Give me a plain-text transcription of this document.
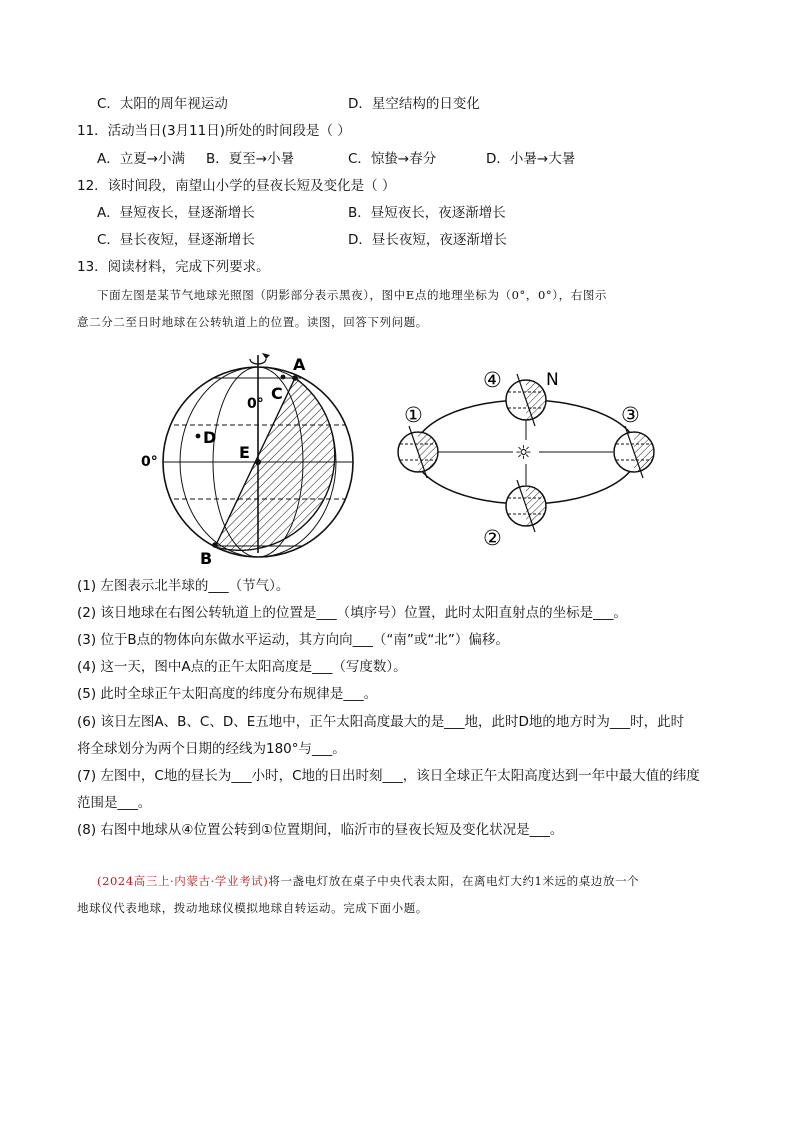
C．太阳的周年视运动	D．星空结构的日变化
11．活动当日(3月11日)所处的时间段是（ ）
A．立夏→小满 B．夏至→小暑	C．惊蛰→春分	D．小暑→大暑
12．该时间段，南望山小学的昼夜长短及变化是（ ）
A．昼短夜长，昼逐渐增长	B．昼短夜长，夜逐渐增长
C．昼长夜短，昼逐渐增长	D．昼长夜短，夜逐渐增长
13．阅读材料，完成下列要求。
下面左图是某节气地球光照图（阴影部分表示黑夜），图中E点的地理坐标为（0°，0°），右图示
意二分二至日时地球在公转轨道上的位置。读图，回答下列问题。
A
C
B
D
E
0°
0°	☼
①
②
③
④	N
(1) 左图表示北半球的___（节气）。
(2) 该日地球在右图公转轨道上的位置是___（填序号）位置，此时太阳直射点的坐标是___。
(3) 位于B点的物体向东做水平运动，其方向向___（“南”或“北”）偏移。
(4) 这一天，图中A点的正午太阳高度是___（写度数）。
(5) 此时全球正午太阳高度的纬度分布规律是___。
(6) 该日左图A、B、C、D、E五地中，正午太阳高度最大的是___地，此时D地的地方时为___时，此时
将全球划分为两个日期的经线为180°与___。
(7) 左图中，C地的昼长为___小时，C地的日出时刻___，该日全球正午太阳高度达到一年中最大值的纬度
范围是___。
(8) 右图中地球从④位置公转到①位置期间，临沂市的昼夜长短及变化状况是___。
(2024高三上·内蒙古·学业考试)将一盏电灯放在桌子中央代表太阳，在离电灯大约1米远的桌边放一个
地球仪代表地球，拨动地球仪模拟地球自转运动。完成下面小题。
